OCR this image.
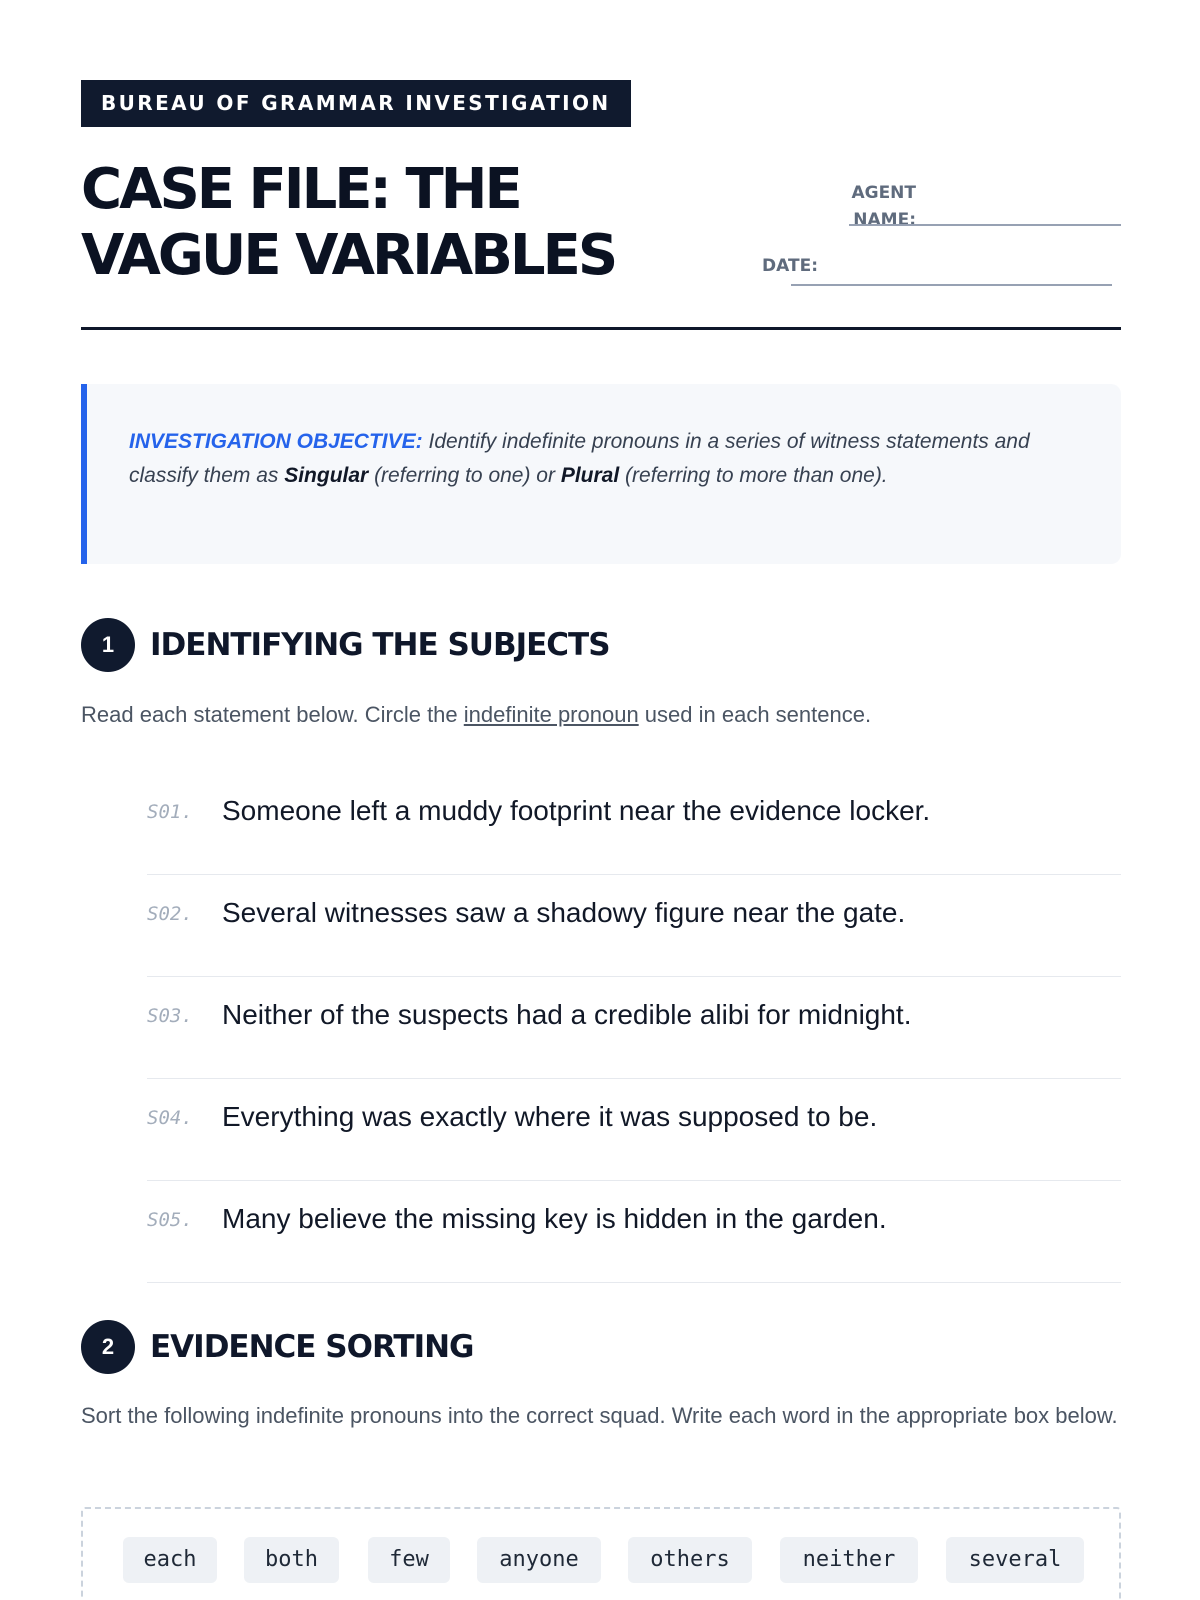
BUREAU OF GRAMMAR INVESTIGATION
CASE FILE: THE
VAGUE VARIABLES
AGENT
NAME:
DATE:
INVESTIGATION OBJECTIVE: Identify indefinite pronouns in a series of witness statements and classify them as Singular (referring to one) or Plural (referring to more than one).
1	IDENTIFYING THE SUBJECTS
Read each statement below. Circle the indefinite pronoun used in each sentence.
S01. Someone left a muddy footprint near the evidence locker.
S02. Several witnesses saw a shadowy figure near the gate.
S03. Neither of the suspects had a credible alibi for midnight.
S04. Everything was exactly where it was supposed to be.
S05. Many believe the missing key is hidden in the garden.
2	EVIDENCE SORTING
Sort the following indefinite pronouns into the correct squad. Write each word in the appropriate box below.
each	both	few	anyone	others	neither	several
